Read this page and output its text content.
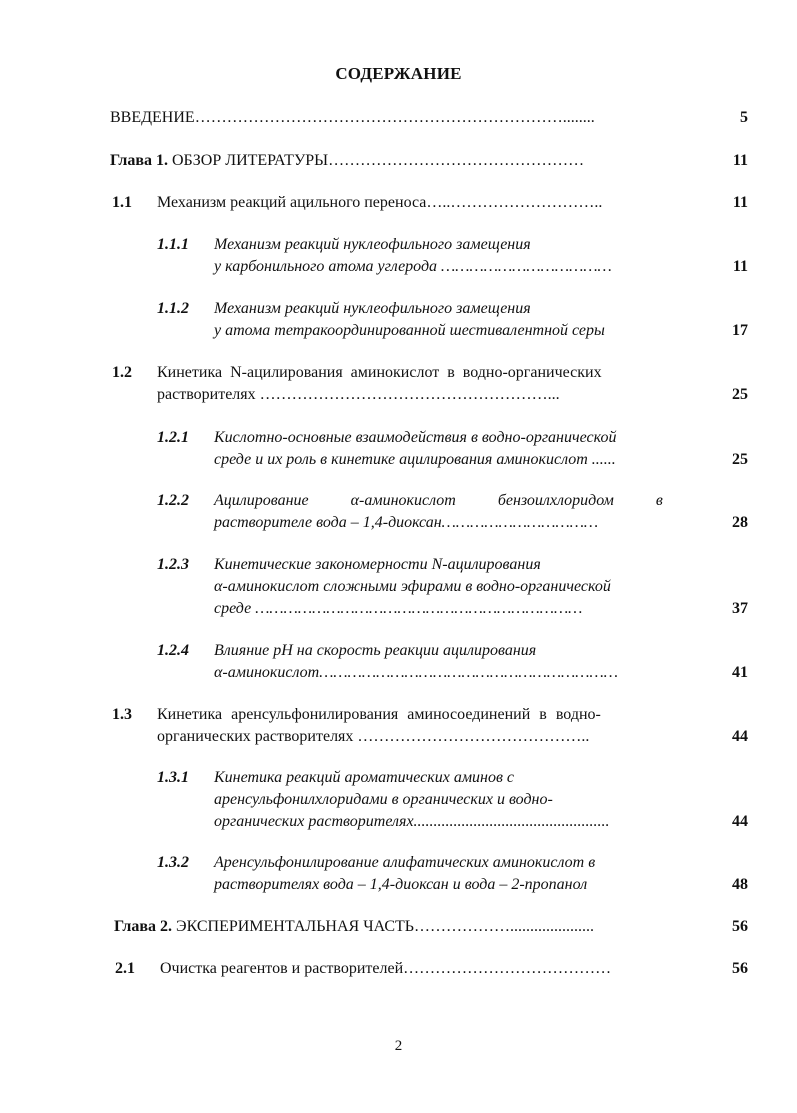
СОДЕРЖАНИЕ
ВВЕДЕНИЕ……………………………………………………………........	5
Глава 1. ОБЗОР ЛИТЕРАТУРЫ…………………………………………	11
1.1 Механизм реакций ацильного переноса…..………………………..	11
1.1.1 Механизм реакций нуклеофильного замещения
у карбонильного атома углерода ………………………………	11
1.1.2 Механизм реакций нуклеофильного замещения
у атома тетракоординированной шестивалентной серы	17
1.2 Кинетика N-ацилирования аминокислот в водно-органических
растворителях ………………………………………………...	25
1.2.1 Кислотно-основные взаимодействия в водно-органической
среде и их роль в кинетике ацилирования аминокислот ......	25
1.2.2 Ацилирование α-аминокислот бензоилхлоридом в
растворителе вода – 1,4-диоксан……………………………	28
1.2.3 Кинетические закономерности N-ацилирования
α-аминокислот сложными эфирами в водно-органической
среде ……………………………………………………………	37
1.2.4 Влияние pH на скорость реакции ацилирования
α-аминокислот………………………………………………………	41
1.3 Кинетика аренсульфонилирования аминосоединений в водно-
органических растворителях ……………………………………..	44
1.3.1 Кинетика реакций ароматических аминов с
аренсульфонилхлоридами в органических и водно-
органических растворителях.................................................	44
1.3.2 Аренсульфонилирование алифатических аминокислот в
растворителях вода – 1,4-диоксан и вода – 2-пропанол	48
Глава 2. ЭКСПЕРИМЕНТАЛЬНАЯ ЧАСТЬ……………….....................	56
2.1 Очистка реагентов и растворителей…………………………………	56
2
